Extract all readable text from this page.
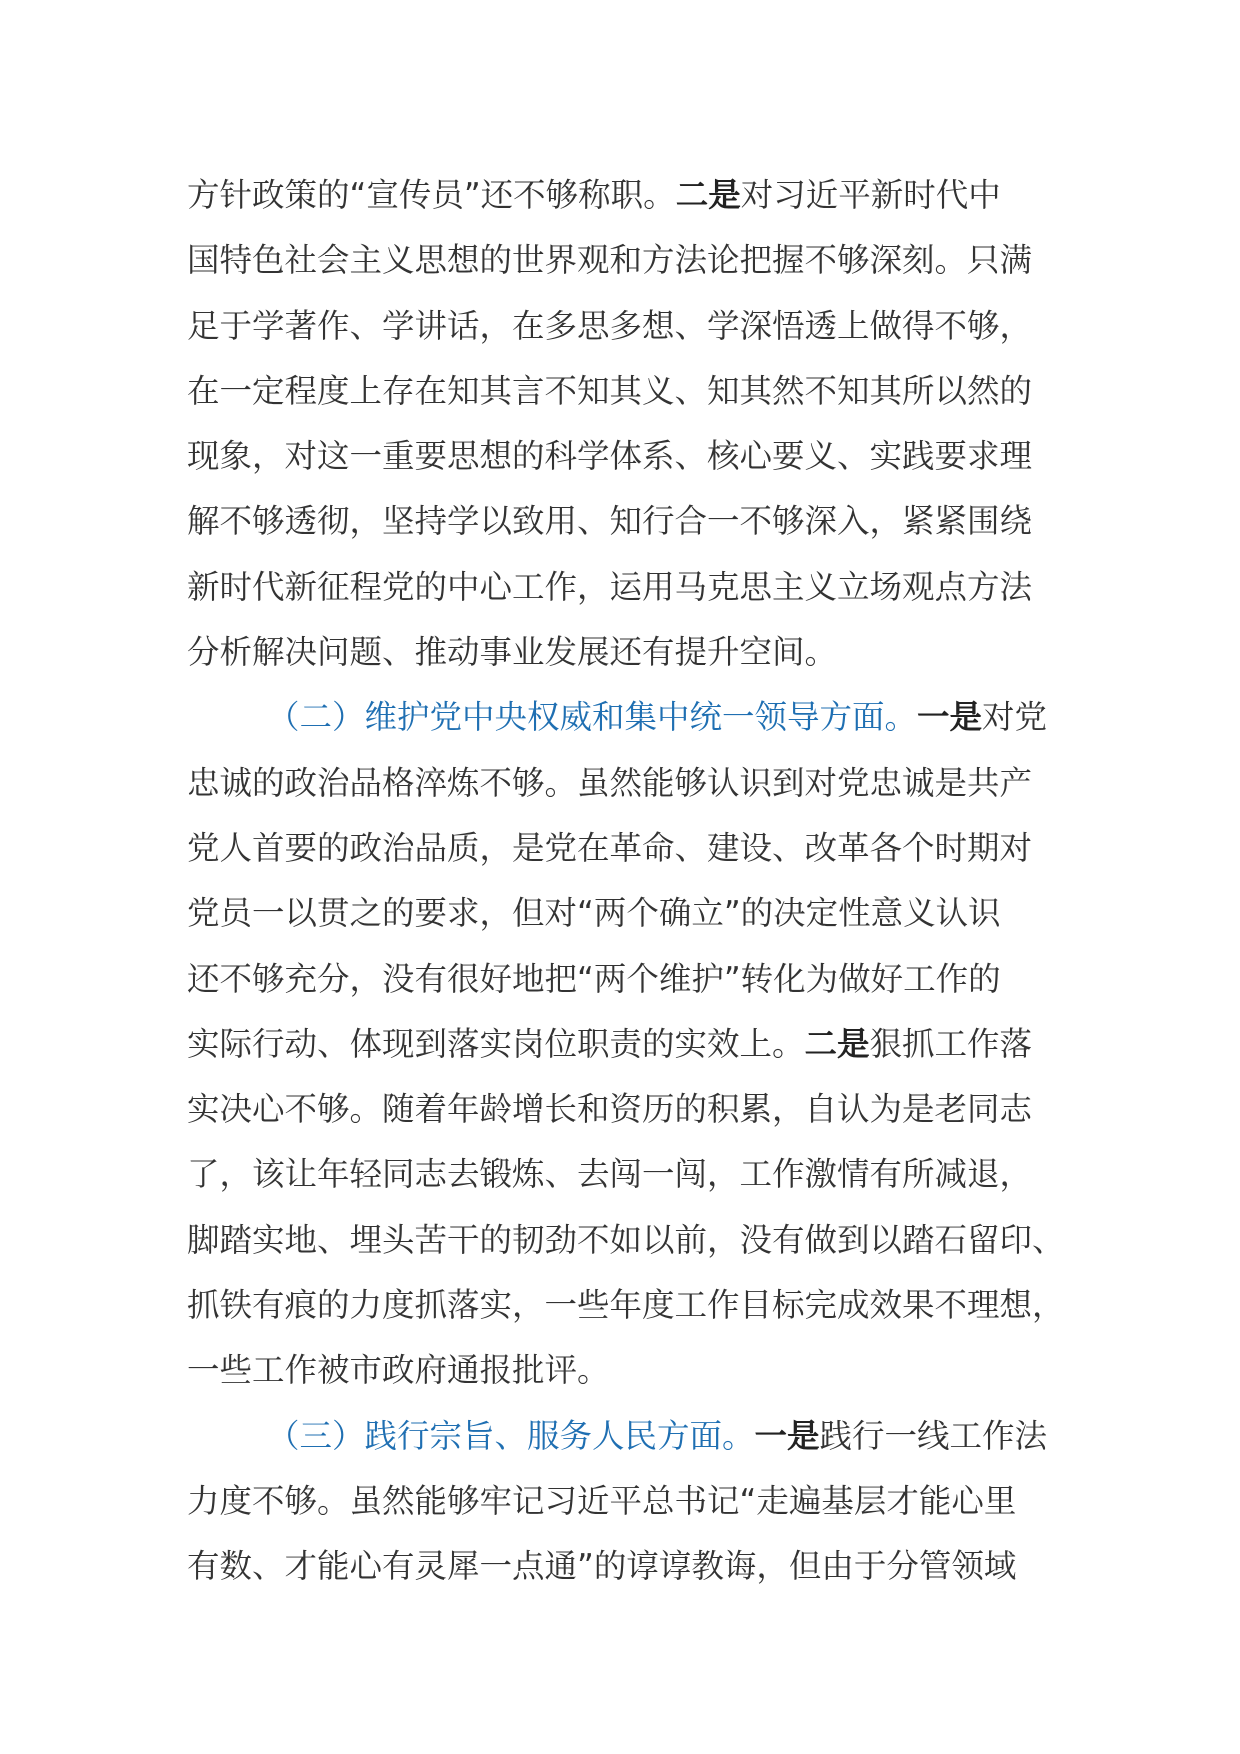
方针政策的“宣传员”还不够称职。二是对习近平新时代中
国特色社会主义思想的世界观和方法论把握不够深刻。只满
足于学著作、学讲话，在多思多想、学深悟透上做得不够，
在一定程度上存在知其言不知其义、知其然不知其所以然的
现象，对这一重要思想的科学体系、核心要义、实践要求理
解不够透彻，坚持学以致用、知行合一不够深入，紧紧围绕
新时代新征程党的中心工作，运用马克思主义立场观点方法
分析解决问题、推动事业发展还有提升空间。
（二）维护党中央权威和集中统一领导方面。一是对党
忠诚的政治品格淬炼不够。虽然能够认识到对党忠诚是共产
党人首要的政治品质，是党在革命、建设、改革各个时期对
党员一以贯之的要求，但对“两个确立”的决定性意义认识
还不够充分，没有很好地把“两个维护”转化为做好工作的
实际行动、体现到落实岗位职责的实效上。二是狠抓工作落
实决心不够。随着年龄增长和资历的积累，自认为是老同志
了，该让年轻同志去锻炼、去闯一闯，工作激情有所减退，
脚踏实地、埋头苦干的韧劲不如以前，没有做到以踏石留印、
抓铁有痕的力度抓落实，一些年度工作目标完成效果不理想，
一些工作被市政府通报批评。
（三）践行宗旨、服务人民方面。一是践行一线工作法
力度不够。虽然能够牢记习近平总书记“走遍基层才能心里
有数、才能心有灵犀一点通”的谆谆教诲，但由于分管领域
